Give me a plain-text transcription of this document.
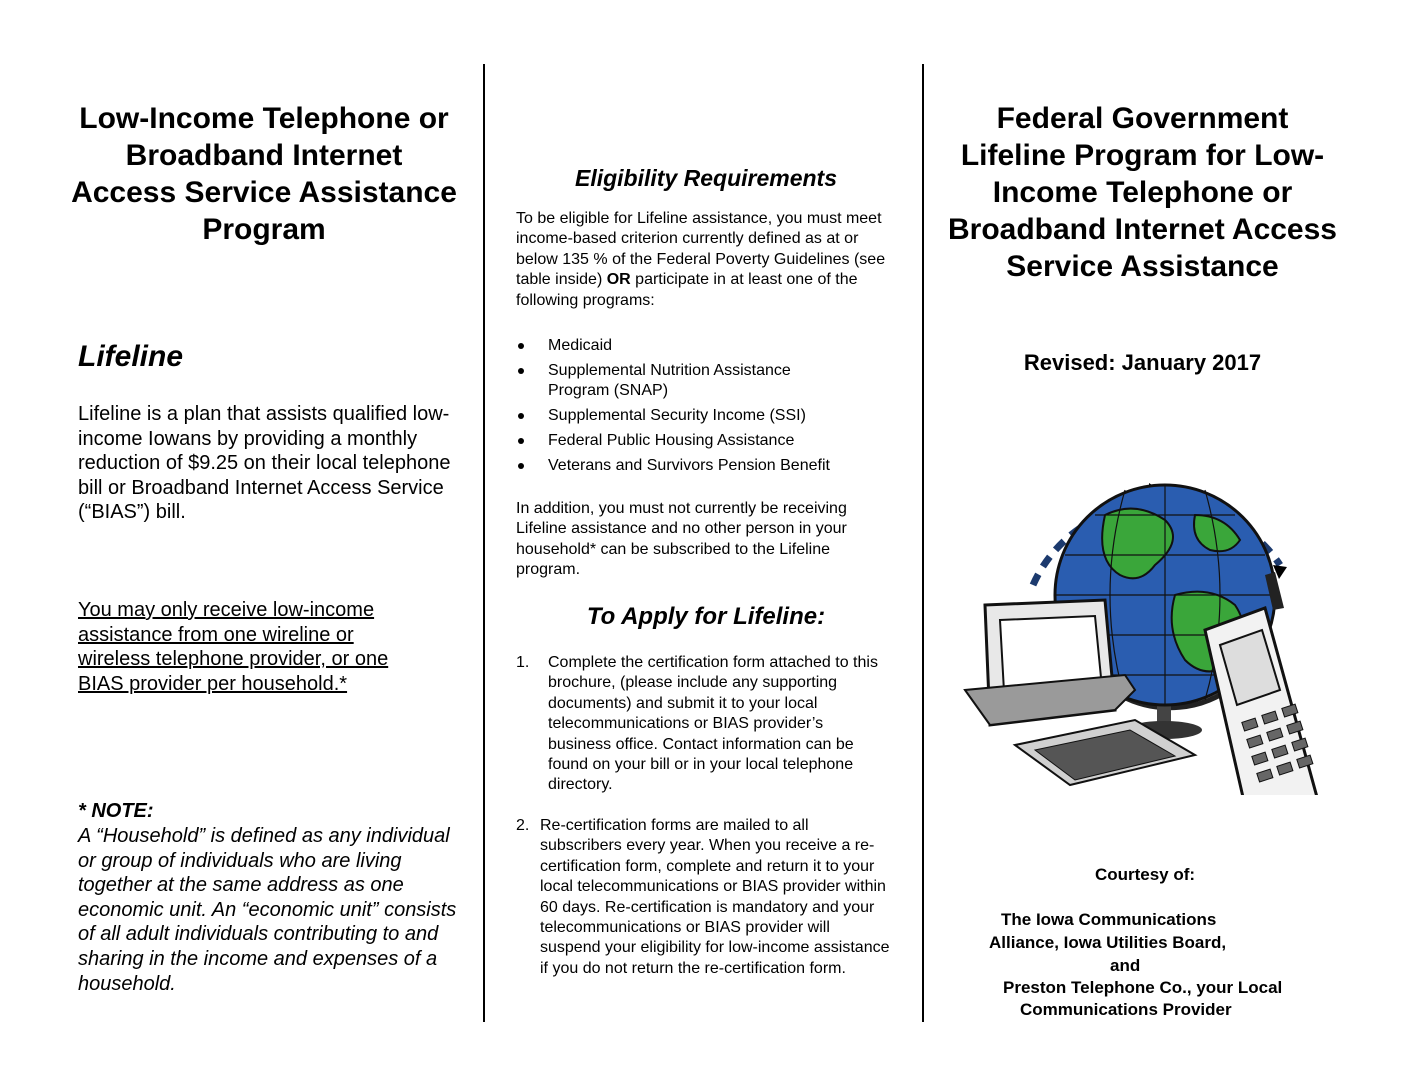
Low-Income Telephone or Broadband Internet Access Service Assistance Program
Lifeline
Lifeline is a plan that assists qualified low-income Iowans by providing a monthly reduction of $9.25 on their local telephone bill or Broadband Internet Access Service (“BIAS”) bill.
You may only receive low-income assistance from one wireline or wireless telephone provider, or one BIAS provider per household.*
* NOTE:
A “Household” is defined as any individual or group of individuals who are living together at the same address as one economic unit. An “economic unit” consists of all adult individuals contributing to and sharing in the income and expenses of a household.
Eligibility Requirements
To be eligible for Lifeline assistance, you must meet income-based criterion currently defined as at or below 135 % of the Federal Poverty Guidelines (see table inside) OR participate in at least one of the following programs:
Medicaid
Supplemental Nutrition Assistance Program (SNAP)
Supplemental Security Income (SSI)
Federal Public Housing Assistance
Veterans and Survivors Pension Benefit
In addition, you must not currently be receiving Lifeline assistance and no other person in your household* can be subscribed to the Lifeline program.
To Apply for Lifeline:
1.	Complete the certification form attached to this brochure, (please include any supporting documents) and submit it to your local telecommunications or BIAS provider’s business office. Contact information can be found on your bill or in your local telephone directory.
2. Re-certification forms are mailed to all subscribers every year. When you receive a re-certification form, complete and return it to your local telecommunications or BIAS provider within 60 days. Re-certification is mandatory and your telecommunications or BIAS provider will suspend your eligibility for low-income assistance if you do not return the re-certification form.
Federal Government Lifeline Program for Low-Income Telephone or Broadband Internet Access Service Assistance
Revised: January 2017
Courtesy of:
The Iowa Communications
Alliance, Iowa Utilities Board,
and
Preston Telephone Co., your Local
Communications Provider
